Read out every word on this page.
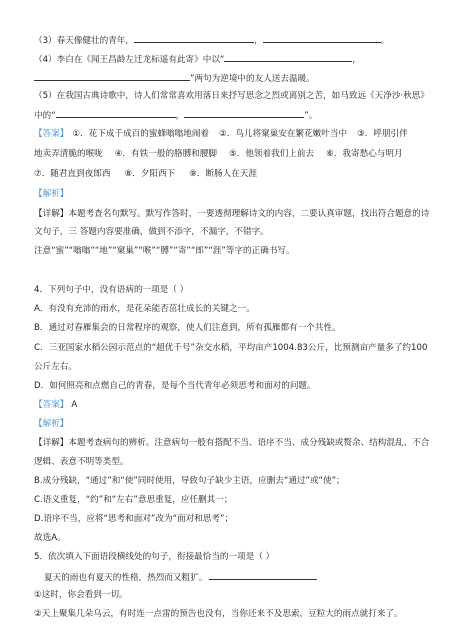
（3）春天像健壮的青年，	，	。
（4）李白在《闻王昌龄左迁龙标遥有此寄》中以“	，
”两句为逆境中的友人送去温暖。
（5）在我国古典诗歌中，诗人们常常喜欢用落日来抒写思念之烈或离别之苦，如马致远《天净沙·秋思》
中的“	，	”。
【答案】 ①．花下成千成百的蜜蜂嗡嗡地闹着 ②．鸟儿将窠巢安在繁花嫩叶当中 ③．呼朋引伴
地卖弄清脆的喉咙 ④．有铁一般的胳膊和腰脚 ⑤．他领着我们上前去 ⑥．我寄愁心与明月
⑦．随君直到夜郎西 ⑧．夕阳西下 ⑨．断肠人在天涯
【解析】
【详解】本题考查名句默写。默写作答时，一要透彻理解诗文的内容，二要认真审题，找出符合题意的诗
文句子，三 答题内容要准确，做到不添字，不漏字，不错字。
注意“蜜”“嗡嗡”“地”“窠巢”“喉”“膊”“寄”“郎”“涯”等字的正确书写。
4．下列句子中，没有语病的一项是（ ）
A．有没有充沛的雨水，是花朵能否茁壮成长的关键之一。
B．通过对春雁集会的日常程序的观察，使人们注意到，所有孤雁都有一个共性。
C．三亚国家水稻公园示范点的“超优千号”杂交水稻，平均亩产1004.83公斤，比预测亩产量多了约100
公斤左右。
D．如何照亮和点燃自己的青春，是每个当代青年必须思考和面对的问题。
【答案】 A
【解析】
【详解】本题考查病句的辨析。注意病句一般有搭配不当、语序不当、成分残缺或赘余、结构混乱、不合
逻辑、表意不明等类型。
B.成分残缺，“通过”和“使”同时使用，导致句子缺少主语，应删去“通过”或“使”；
C.语义重复，“约”和“左右”意思重复，应任删其一；
D.语序不当，应将“思考和面对”改为“面对和思考”；
故选A。
5．依次填入下面语段横线处的句子，衔接最恰当的一项是（ ）
夏天的雨也有夏天的性格，热烈而又粗犷。
①这时，你会看到一切。
②天上聚集几朵乌云，有时连一点雷的预告也没有，当你还来不及思索，豆粒大的雨点就打来了。
